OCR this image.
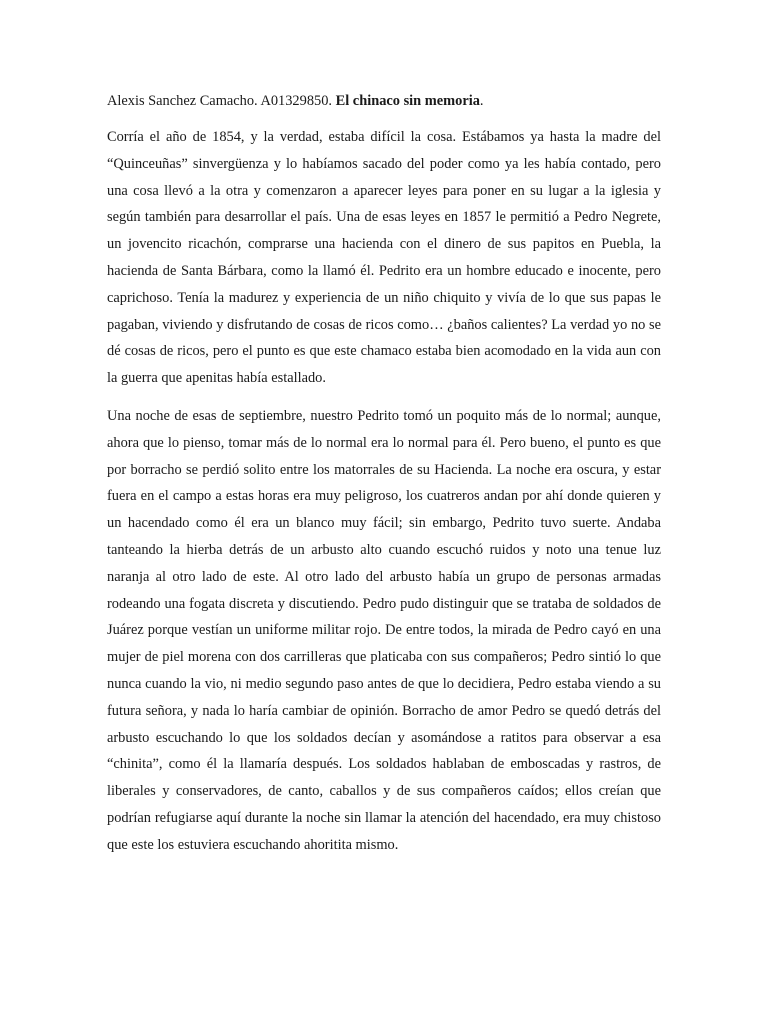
Alexis Sanchez Camacho. A01329850. El chinaco sin memoria.

Corría el año de 1854, y la verdad, estaba difícil la cosa. Estábamos ya hasta la madre del “Quinceuñas” sinvergüenza y lo habíamos sacado del poder como ya les había contado, pero una cosa llevó a la otra y comenzaron a aparecer leyes para poner en su lugar a la iglesia y según también para desarrollar el país. Una de esas leyes en 1857 le permitió a Pedro Negrete, un jovencito ricachón, comprarse una hacienda con el dinero de sus papitos en Puebla, la hacienda de Santa Bárbara, como la llamó él. Pedrito era un hombre educado e inocente, pero caprichoso. Tenía la madurez y experiencia de un niño chiquito y vivía de lo que sus papas le pagaban, viviendo y disfrutando de cosas de ricos como… ¿baños calientes? La verdad yo no se dé cosas de ricos, pero el punto es que este chamaco estaba bien acomodado en la vida aun con la guerra que apenitas había estallado.

Una noche de esas de septiembre, nuestro Pedrito tomó un poquito más de lo normal; aunque, ahora que lo pienso, tomar más de lo normal era lo normal para él. Pero bueno, el punto es que por borracho se perdió solito entre los matorrales de su Hacienda. La noche era oscura, y estar fuera en el campo a estas horas era muy peligroso, los cuatreros andan por ahí donde quieren y un hacendado como él era un blanco muy fácil; sin embargo, Pedrito tuvo suerte. Andaba tanteando la hierba detrás de un arbusto alto cuando escuchó ruidos y noto una tenue luz naranja al otro lado de este. Al otro lado del arbusto había un grupo de personas armadas rodeando una fogata discreta y discutiendo. Pedro pudo distinguir que se trataba de soldados de Juárez porque vestían un uniforme militar rojo. De entre todos, la mirada de Pedro cayó en una mujer de piel morena con dos carrilleras que platicaba con sus compañeros; Pedro sintió lo que nunca cuando la vio, ni medio segundo paso antes de que lo decidiera, Pedro estaba viendo a su futura señora, y nada lo haría cambiar de opinión. Borracho de amor Pedro se quedó detrás del arbusto escuchando lo que los soldados decían y asomándose a ratitos para observar a esa “chinita”, como él la llamaría después. Los soldados hablaban de emboscadas y rastros, de liberales y conservadores, de canto, caballos y de sus compañeros caídos; ellos creían que podrían refugiarse aquí durante la noche sin llamar la atención del hacendado, era muy chistoso que este los estuviera escuchando ahoritita mismo.
